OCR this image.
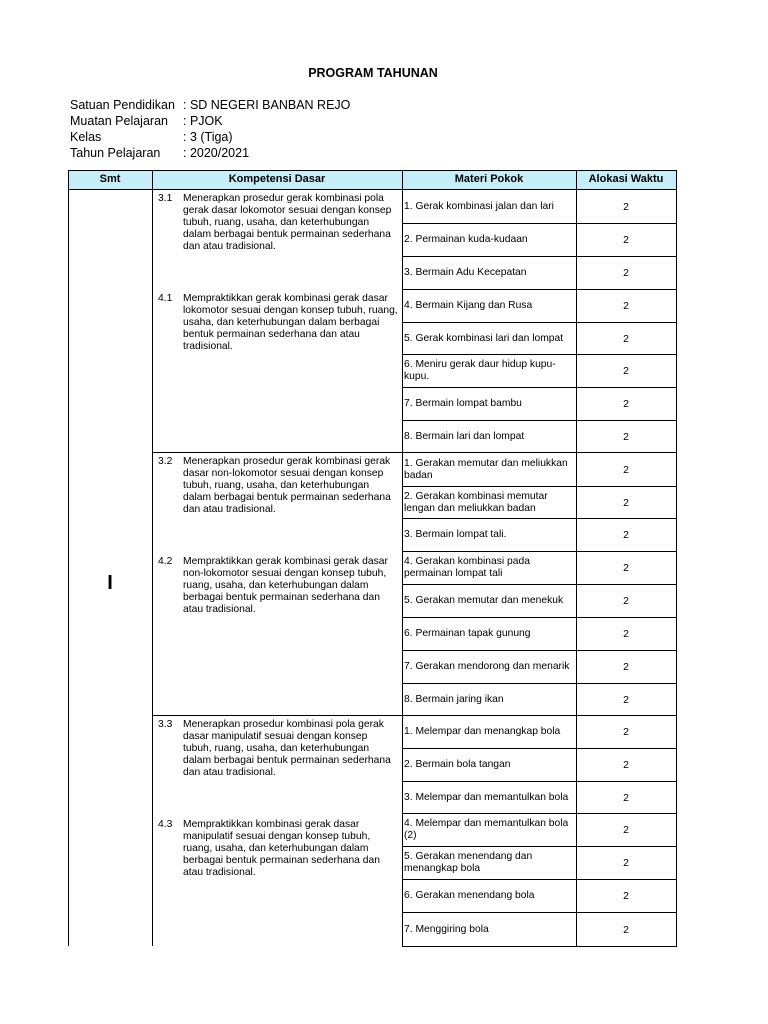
PROGRAM TAHUNAN
Satuan Pendidikan : SD NEGERI BANBAN REJO
Muatan Pelajaran	: PJOK
Kelas	: 3 (Tiga)
Tahun Pelajaran	: 2020/2021
Smt	Kompetensi Dasar	Materi Pokok	Alokasi Waktu
I
3.1	Menerapkan prosedur gerak kombinasi pola gerak dasar lokomotor sesuai dengan konsep tubuh, ruang, usaha, dan keterhubungan dalam berbagai bentuk permainan sederhana dan atau tradisional.
4.1	Mempraktikkan gerak kombinasi gerak dasar lokomotor sesuai dengan konsep tubuh, ruang, usaha, dan keterhubungan dalam berbagai bentuk permainan sederhana dan atau tradisional.
1. Gerak kombinasi jalan dan lari	2
2. Permainan kuda-kudaan	2
3. Bermain Adu Kecepatan	2
4. Bermain Kijang dan Rusa	2
5. Gerak kombinasi lari dan lompat	2
6. Meniru gerak daur hidup kupu-kupu.	2
7. Bermain lompat bambu	2
8. Bermain lari dan lompat	2
3.2	Menerapkan prosedur gerak kombinasi gerak dasar non-lokomotor sesuai dengan konsep tubuh, ruang, usaha, dan keterhubungan dalam berbagai bentuk permainan sederhana dan atau tradisional.
4.2	Mempraktikkan gerak kombinasi gerak dasar non-lokomotor sesuai dengan konsep tubuh, ruang, usaha, dan keterhubungan dalam berbagai bentuk permainan sederhana dan atau tradisional.
1. Gerakan memutar dan meliukkan badan	2
2. Gerakan kombinasi memutar lengan dan meliukkan badan	2
3. Bermain lompat tali.	2
4. Gerakan kombinasi pada permainan lompat tali	2
5. Gerakan memutar dan menekuk	2
6. Permainan tapak gunung	2
7. Gerakan mendorong dan menarik	2
8. Bermain jaring ikan	2
3.3	Menerapkan prosedur kombinasi pola gerak dasar manipulatif sesuai dengan konsep tubuh, ruang, usaha, dan keterhubungan dalam berbagai bentuk permainan sederhana dan atau tradisional.
4.3	Mempraktikkan kombinasi gerak dasar manipulatif sesuai dengan konsep tubuh, ruang, usaha, dan keterhubungan dalam berbagai bentuk permainan sederhana dan atau tradisional.
1. Melempar dan menangkap bola	2
2. Bermain bola tangan	2
3. Melempar dan memantulkan bola	2
4. Melempar dan memantulkan bola (2)	2
5. Gerakan menendang dan menangkap bola	2
6. Gerakan menendang bola	2
7. Menggiring bola	2
